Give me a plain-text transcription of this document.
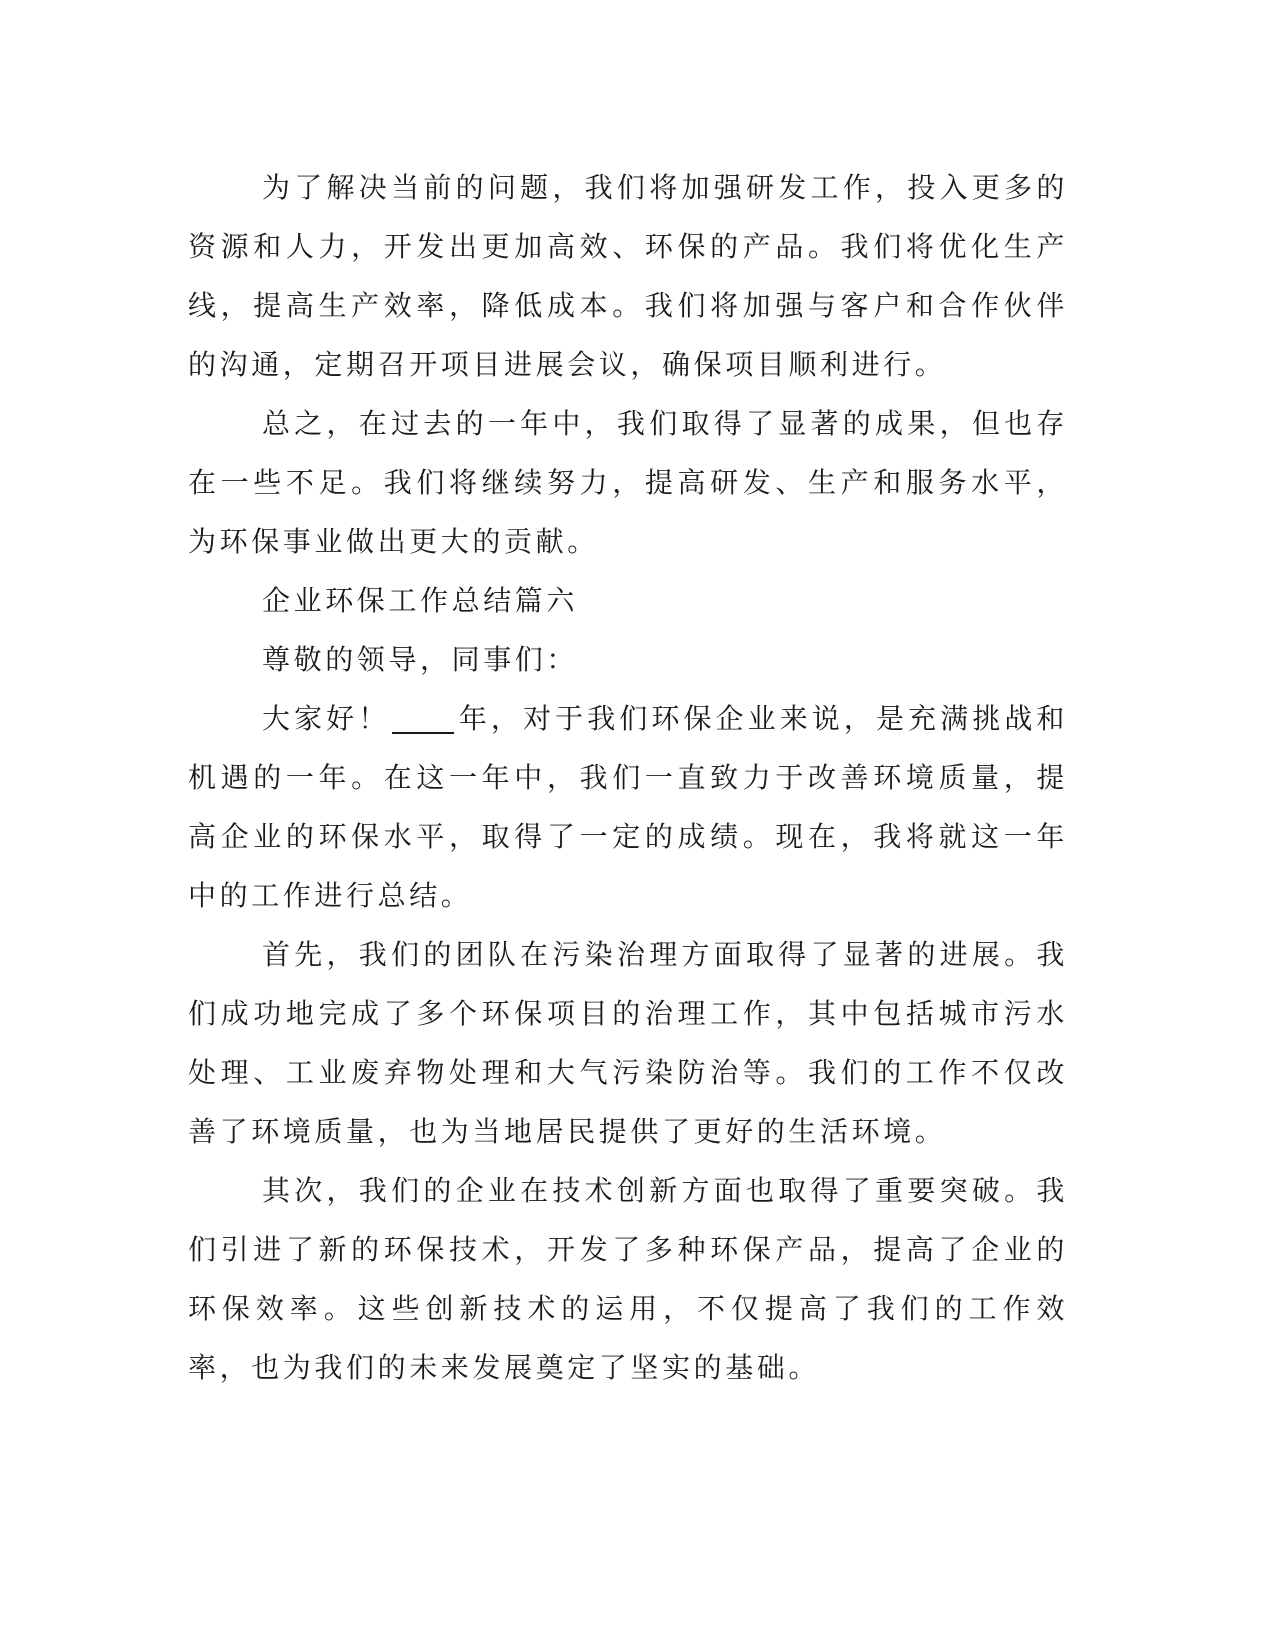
为了解决当前的问题，我们将加强研发工作，投入更多的资源和人力，开发出更加高效、环保的产品。我们将优化生产线，提高生产效率，降低成本。我们将加强与客户和合作伙伴的沟通，定期召开项目进展会议，确保项目顺利进行。

总之，在过去的一年中，我们取得了显著的成果，但也存在一些不足。我们将继续努力，提高研发、生产和服务水平，为环保事业做出更大的贡献。

企业环保工作总结篇六

尊敬的领导，同事们：

大家好！ 年，对于我们环保企业来说，是充满挑战和机遇的一年。在这一年中，我们一直致力于改善环境质量，提高企业的环保水平，取得了一定的成绩。现在，我将就这一年中的工作进行总结。

首先，我们的团队在污染治理方面取得了显著的进展。我们成功地完成了多个环保项目的治理工作，其中包括城市污水处理、工业废弃物处理和大气污染防治等。我们的工作不仅改善了环境质量，也为当地居民提供了更好的生活环境。

其次，我们的企业在技术创新方面也取得了重要突破。我们引进了新的环保技术，开发了多种环保产品，提高了企业的环保效率。这些创新技术的运用，不仅提高了我们的工作效率，也为我们的未来发展奠定了坚实的基础。
